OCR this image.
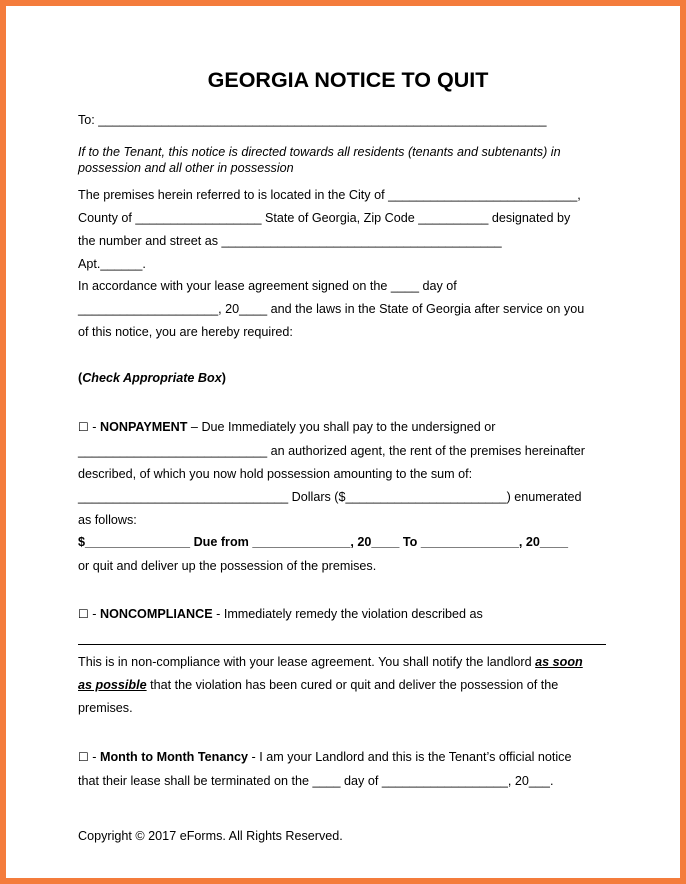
GEORGIA NOTICE TO QUIT
To: ________________________________________________________________
If to the Tenant, this notice is directed towards all residents (tenants and subtenants) in
possession and all other in possession
The premises herein referred to is located in the City of ___________________________,
County of __________________ State of Georgia, Zip Code __________ designated by
the number and street as ________________________________________
Apt.______.
In accordance with your lease agreement signed on the ____ day of
____________________, 20____ and the laws in the State of Georgia after service on you
of this notice, you are hereby required:
(Check Appropriate Box)
☐ - NONPAYMENT – Due Immediately you shall pay to the undersigned or
___________________________ an authorized agent, the rent of the premises hereinafter
described, of which you now hold possession amounting to the sum of:
______________________________ Dollars ($_______________________) enumerated
as follows:
$_______________ Due from ______________, 20____ To ______________, 20____
or quit and deliver up the possession of the premises.
☐ - NONCOMPLIANCE - Immediately remedy the violation described as
This is in non-compliance with your lease agreement. You shall notify the landlord as soon
as possible that the violation has been cured or quit and deliver the possession of the
premises.
☐ - Month to Month Tenancy - I am your Landlord and this is the Tenant’s official notice
that their lease shall be terminated on the ____ day of __________________, 20___.
Copyright © 2017 eForms. All Rights Reserved.
